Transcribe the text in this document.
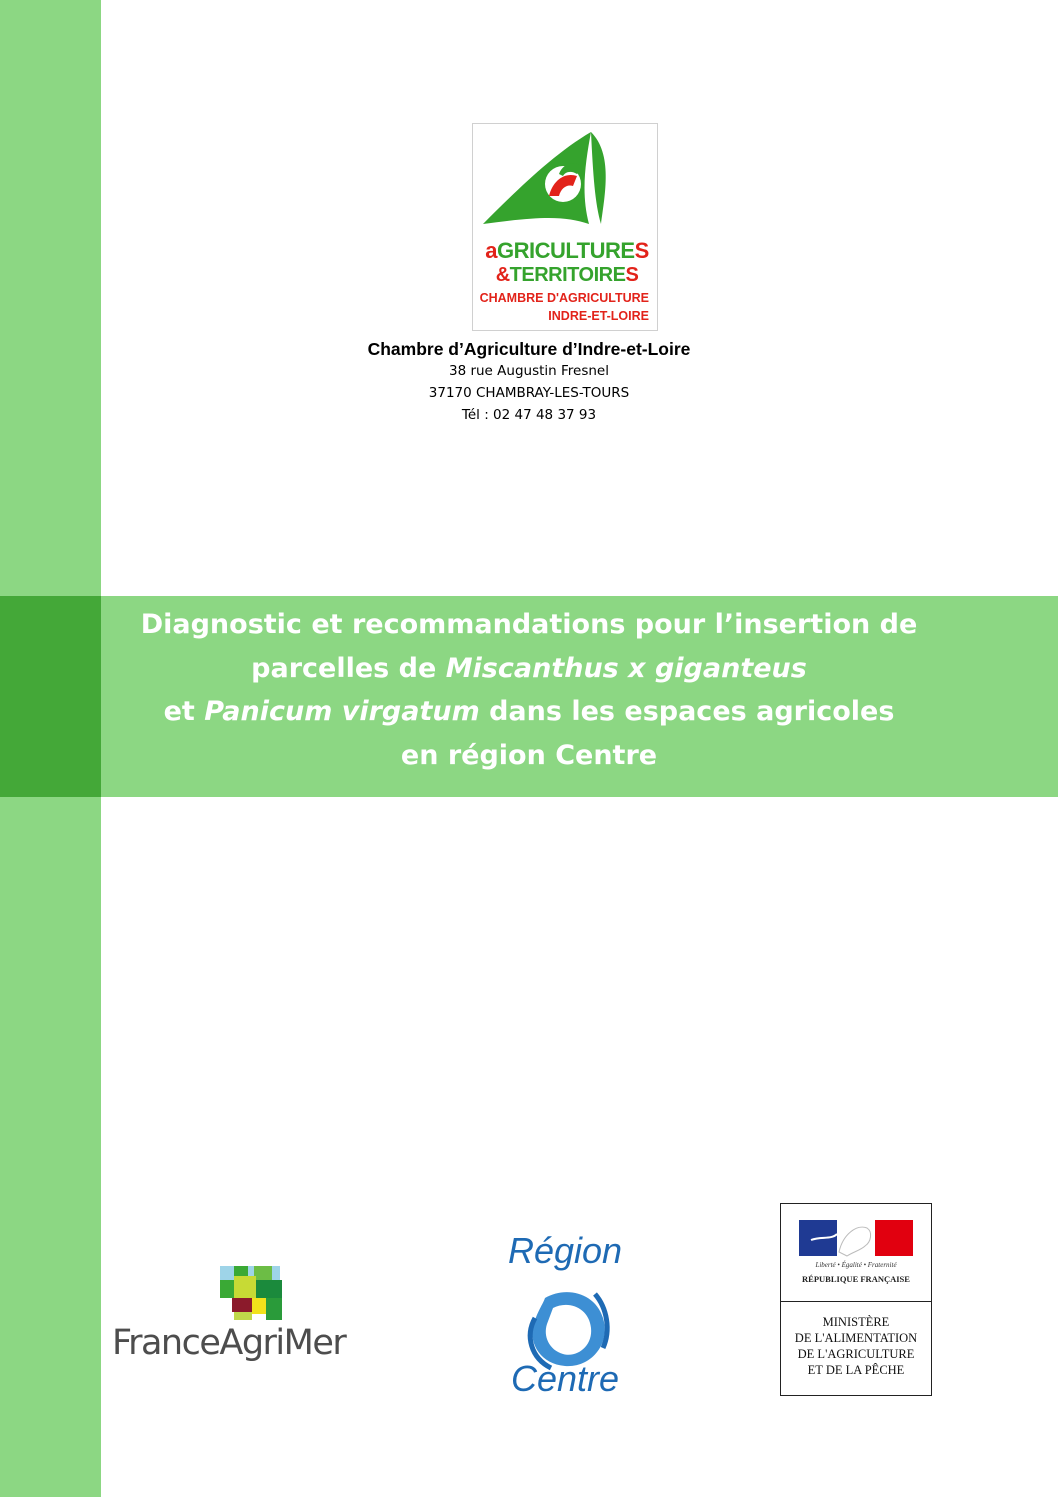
aGRICULTURES
&TERRITOIRES
CHAMBRE D'AGRICULTURE
INDRE-ET-LOIRE
Chambre d’Agriculture d’Indre-et-Loire
38 rue Augustin Fresnel
37170 CHAMBRAY-LES-TOURS
Tél : 02 47 48 37 93
Diagnostic et recommandations pour l’insertion de
parcelles de Miscanthus x giganteus
et Panicum virgatum dans les espaces agricoles
en région Centre
FranceAgriMer
Région
Centre
Liberté • Égalité • Fraternité
RÉPUBLIQUE FRANÇAISE
MINISTÈRE
DE L'ALIMENTATION
DE L'AGRICULTURE
ET DE LA PÊCHE
